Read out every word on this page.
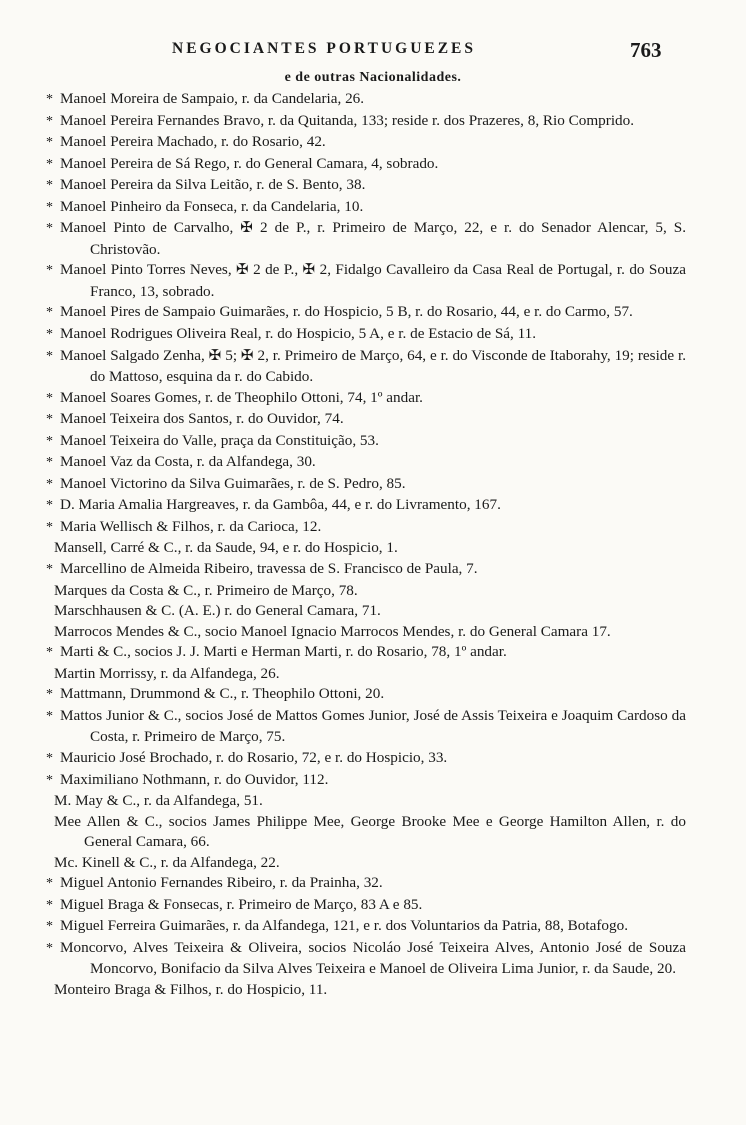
NEGOCIANTES PORTUGUEZES	763
e de outras Nacionalidades.
* Manoel Moreira de Sampaio, r. da Candelaria, 26.
* Manoel Pereira Fernandes Bravo, r. da Quitanda, 133; reside r. dos Prazeres, 8, Rio Comprido.
* Manoel Pereira Machado, r. do Rosario, 42.
* Manoel Pereira de Sá Rego, r. do General Camara, 4, sobrado.
* Manoel Pereira da Silva Leitão, r. de S. Bento, 38.
* Manoel Pinheiro da Fonseca, r. da Candelaria, 10.
* Manoel Pinto de Carvalho, ✠ 2 de P., r. Primeiro de Março, 22, e r. do Senador Alencar, 5, S. Christovão.
* Manoel Pinto Torres Neves, ✠ 2 de P., ✠ 2, Fidalgo Cavalleiro da Casa Real de Portugal, r. do Souza Franco, 13, sobrado.
* Manoel Pires de Sampaio Guimarães, r. do Hospicio, 5 B, r. do Rosario, 44, e r. do Carmo, 57.
* Manoel Rodrigues Oliveira Real, r. do Hospicio, 5 A, e r. de Estacio de Sá, 11.
* Manoel Salgado Zenha, ✠ 5; ✠ 2, r. Primeiro de Março, 64, e r. do Visconde de Itaborahy, 19; reside r. do Mattoso, esquina da r. do Cabido.
* Manoel Soares Gomes, r. de Theophilo Ottoni, 74, 1º andar.
* Manoel Teixeira dos Santos, r. do Ouvidor, 74.
* Manoel Teixeira do Valle, praça da Constituição, 53.
* Manoel Vaz da Costa, r. da Alfandega, 30.
* Manoel Victorino da Silva Guimarães, r. de S. Pedro, 85.
* D. Maria Amalia Hargreaves, r. da Gambôa, 44, e r. do Livramento, 167.
* Maria Wellisch & Filhos, r. da Carioca, 12.
Mansell, Carré & C., r. da Saude, 94, e r. do Hospicio, 1.
* Marcellino de Almeida Ribeiro, travessa de S. Francisco de Paula, 7.
Marques da Costa & C., r. Primeiro de Março, 78.
Marschhausen & C. (A. E.) r. do General Camara, 71.
Marrocos Mendes & C., socio Manoel Ignacio Marrocos Mendes, r. do General Camara 17.
* Marti & C., socios J. J. Marti e Herman Marti, r. do Rosario, 78, 1º andar.
Martin Morrissy, r. da Alfandega, 26.
* Mattmann, Drummond & C., r. Theophilo Ottoni, 20.
* Mattos Junior & C., socios José de Mattos Gomes Junior, José de Assis Teixeira e Joaquim Cardoso da Costa, r. Primeiro de Março, 75.
* Mauricio José Brochado, r. do Rosario, 72, e r. do Hospicio, 33.
* Maximiliano Nothmann, r. do Ouvidor, 112.
M. May & C., r. da Alfandega, 51.
Mee Allen & C., socios James Philippe Mee, George Brooke Mee e George Hamilton Allen, r. do General Camara, 66.
Mc. Kinell & C., r. da Alfandega, 22.
* Miguel Antonio Fernandes Ribeiro, r. da Prainha, 32.
* Miguel Braga & Fonsecas, r. Primeiro de Março, 83 A e 85.
* Miguel Ferreira Guimarães, r. da Alfandega, 121, e r. dos Voluntarios da Patria, 88, Botafogo.
* Moncorvo, Alves Teixeira & Oliveira, socios Nicoláo José Teixeira Alves, Antonio José de Souza Moncorvo, Bonifacio da Silva Alves Teixeira e Manoel de Oliveira Lima Junior, r. da Saude, 20.
Monteiro Braga & Filhos, r. do Hospicio, 11.
